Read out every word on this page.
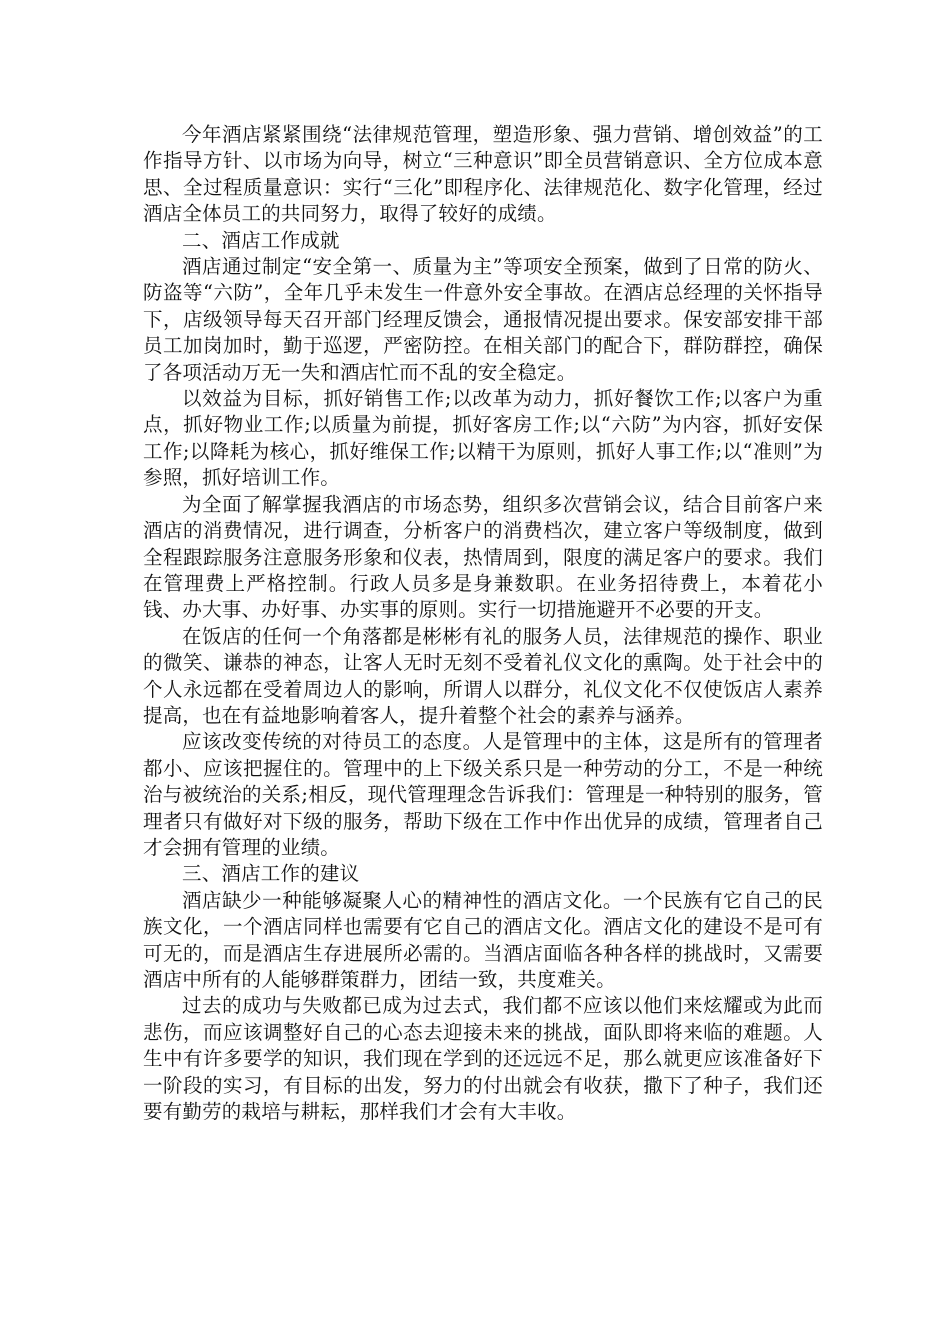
今年酒店紧紧围绕“法律规范管理，塑造形象、强力营销、增创效益”的工作指导方针、以市场为向导，树立“三种意识”即全员营销意识、全方位成本意思、全过程质量意识：实行“三化”即程序化、法律规范化、数字化管理，经过酒店全体员工的共同努力，取得了较好的成绩。

二、酒店工作成就

酒店通过制定“安全第一、质量为主”等项安全预案，做到了日常的防火、防盗等“六防”，全年几乎未发生一件意外安全事故。在酒店总经理的关怀指导下，店级领导每天召开部门经理反馈会，通报情况提出要求。保安部安排干部员工加岗加时，勤于巡逻，严密防控。在相关部门的配合下，群防群控，确保了各项活动万无一失和酒店忙而不乱的安全稳定。

以效益为目标，抓好销售工作;以改革为动力，抓好餐饮工作;以客户为重点，抓好物业工作;以质量为前提，抓好客房工作;以“六防”为内容，抓好安保工作;以降耗为核心，抓好维保工作;以精干为原则，抓好人事工作;以“准则”为参照，抓好培训工作。

为全面了解掌握我酒店的市场态势，组织多次营销会议，结合目前客户来酒店的消费情况，进行调查，分析客户的消费档次，建立客户等级制度，做到全程跟踪服务注意服务形象和仪表，热情周到，限度的满足客户的要求。我们在管理费上严格控制。行政人员多是身兼数职。在业务招待费上，本着花小钱、办大事、办好事、办实事的原则。实行一切措施避开不必要的开支。

在饭店的任何一个角落都是彬彬有礼的服务人员，法律规范的操作、职业的微笑、谦恭的神态，让客人无时无刻不受着礼仪文化的熏陶。处于社会中的个人永远都在受着周边人的影响，所谓人以群分，礼仪文化不仅使饭店人素养提高，也在有益地影响着客人，提升着整个社会的素养与涵养。

应该改变传统的对待员工的态度。人是管理中的主体，这是所有的管理者都小、应该把握住的。管理中的上下级关系只是一种劳动的分工，不是一种统治与被统治的关系;相反，现代管理理念告诉我们：管理是一种特别的服务，管理者只有做好对下级的服务，帮助下级在工作中作出优异的成绩，管理者自己才会拥有管理的业绩。

三、酒店工作的建议

酒店缺少一种能够凝聚人心的精神性的酒店文化。一个民族有它自己的民族文化，一个酒店同样也需要有它自己的酒店文化。酒店文化的建设不是可有可无的，而是酒店生存进展所必需的。当酒店面临各种各样的挑战时，又需要酒店中所有的人能够群策群力，团结一致，共度难关。

过去的成功与失败都已成为过去式，我们都不应该以他们来炫耀或为此而悲伤，而应该调整好自己的心态去迎接未来的挑战，面队即将来临的难题。人生中有许多要学的知识，我们现在学到的还远远不足，那么就更应该准备好下一阶段的实习，有目标的出发，努力的付出就会有收获，撒下了种子，我们还要有勤劳的栽培与耕耘，那样我们才会有大丰收。
